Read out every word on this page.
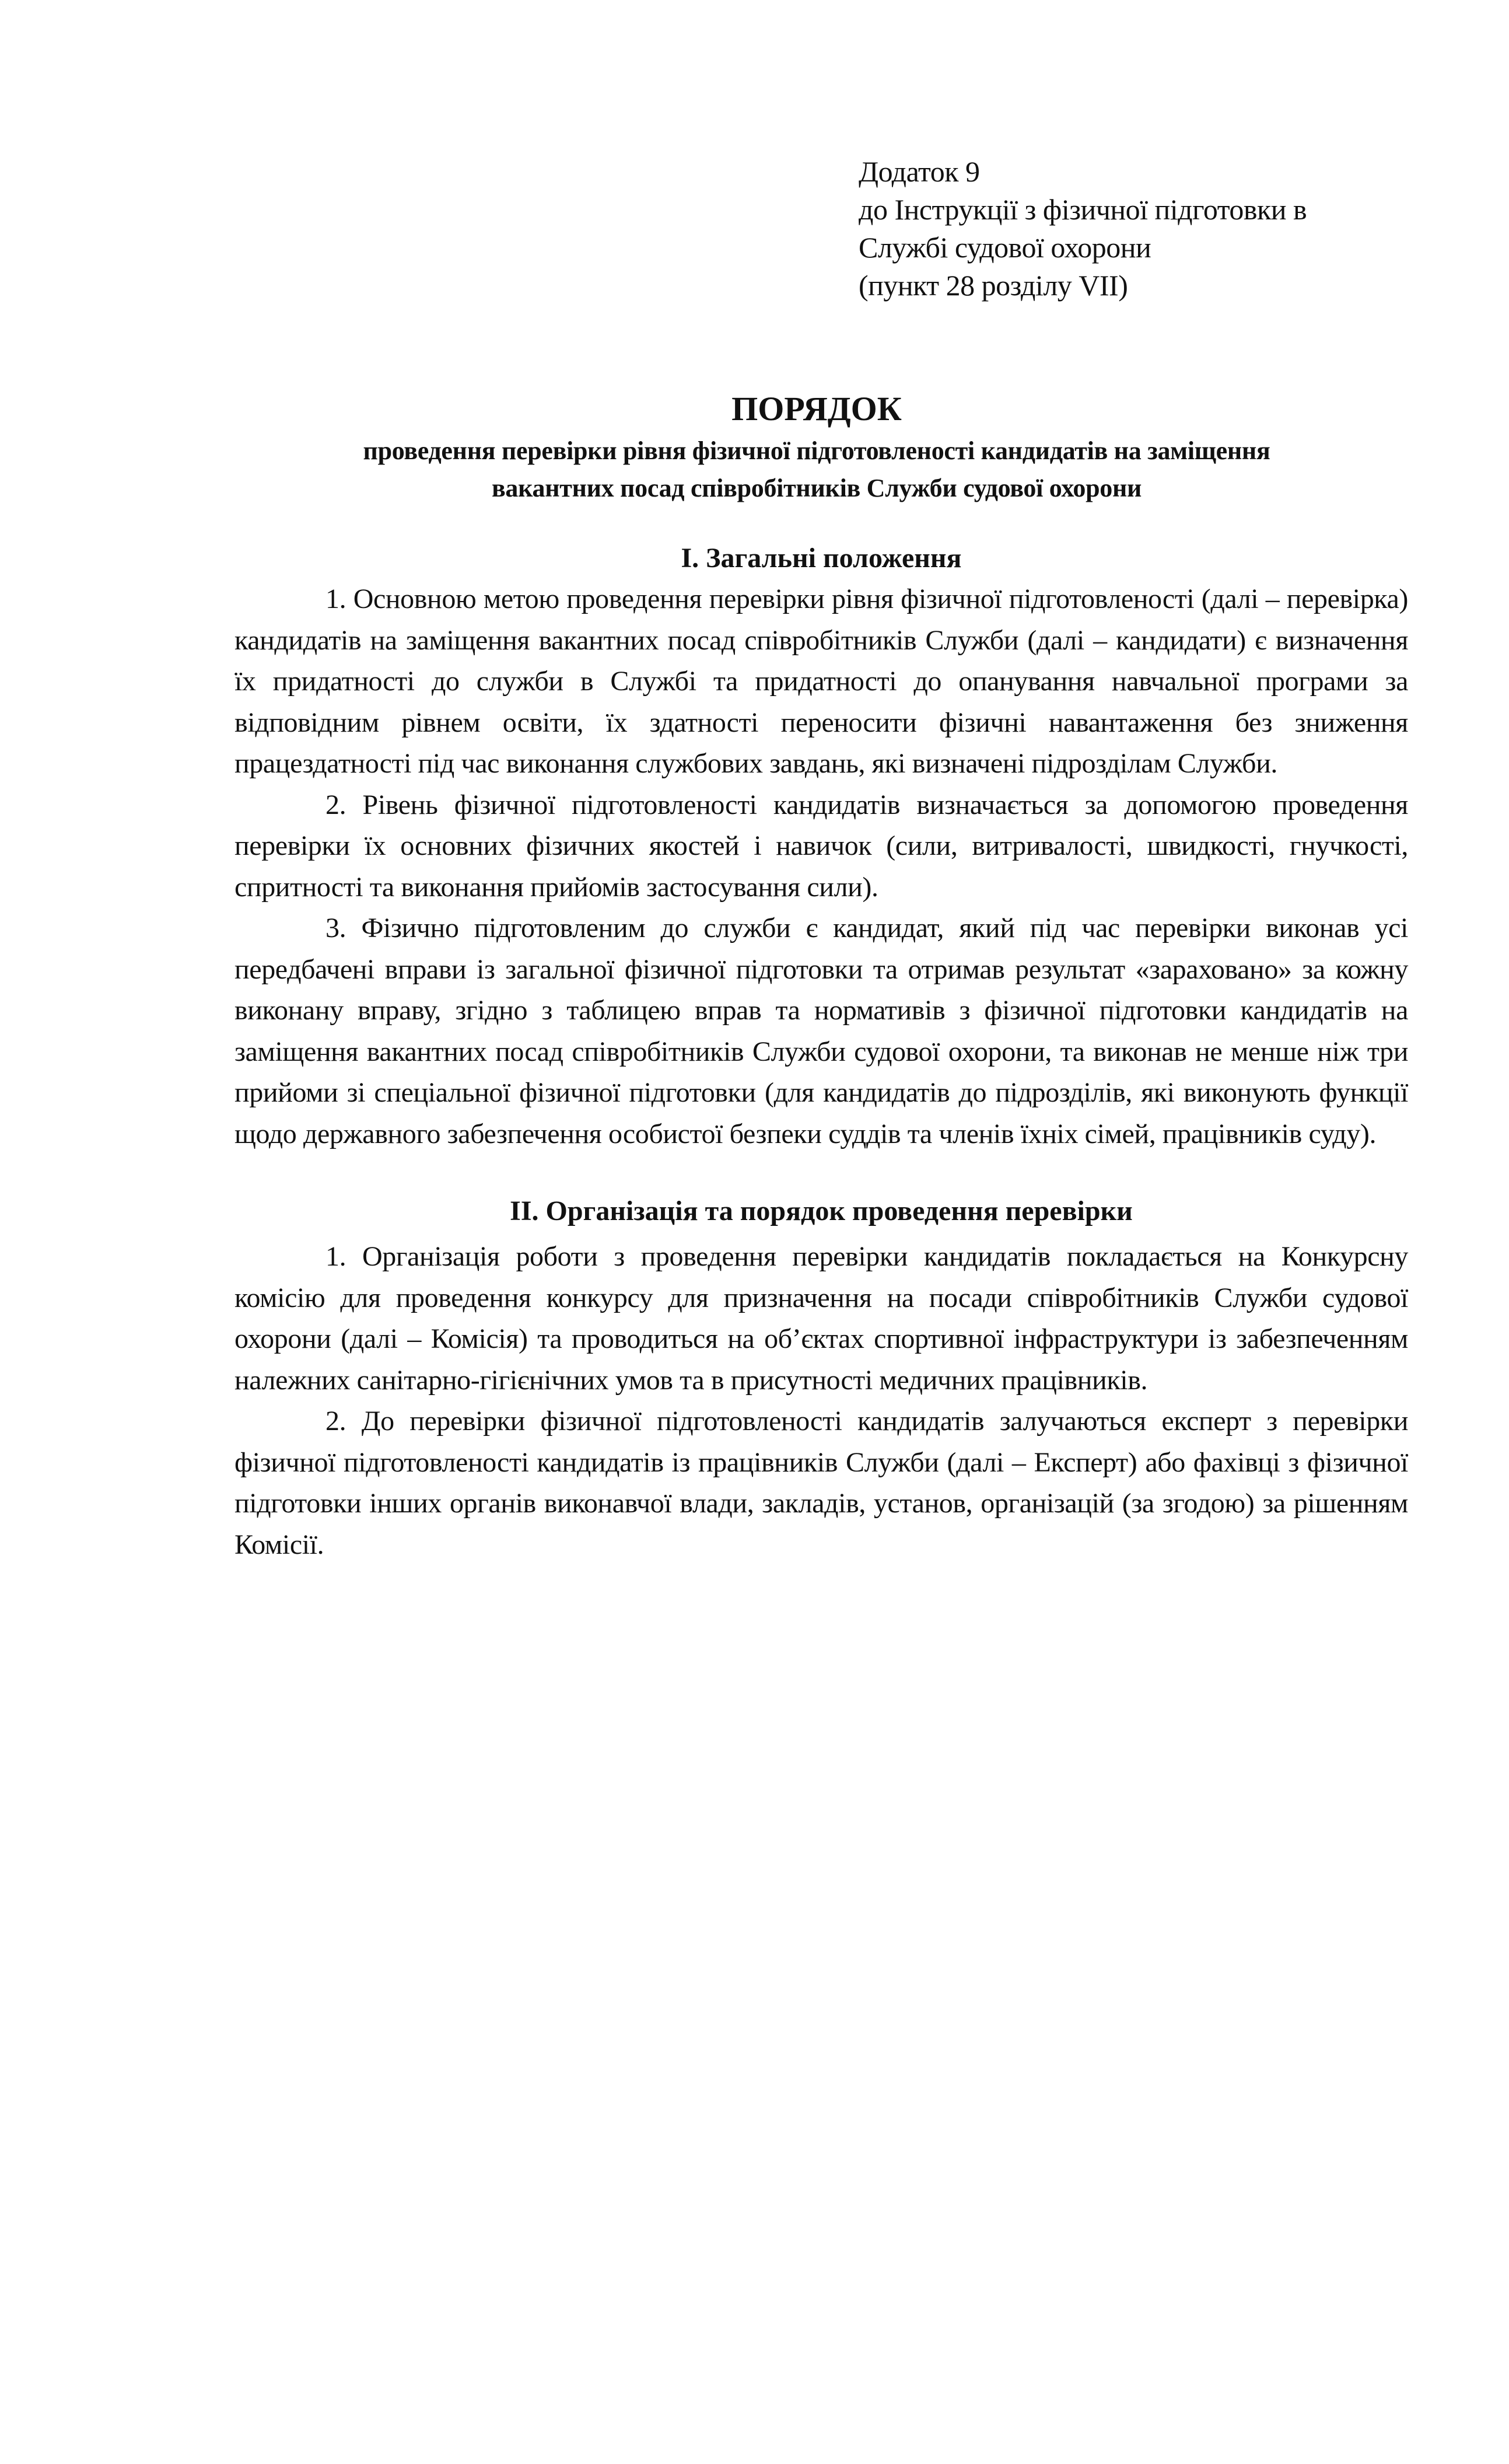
Додаток 9
до Інструкції з фізичної підготовки в
Службі судової охорони
(пункт 28 розділу VII)
ПОРЯДОК
проведення перевірки рівня фізичної підготовленості кандидатів на заміщення
вакантних посад співробітників Служби судової охорони
I. Загальні положення

1. Основною метою проведення перевірки рівня фізичної підготовленості (далі – перевірка) кандидатів на заміщення вакантних посад співробітників Служби (далі – кандидати) є визначення їх придатності до служби в Службі та придатності до опанування навчальної програми за відповідним рівнем освіти, їх здатності переносити фізичні навантаження без зниження працездатності під час виконання службових завдань, які визначені підрозділам Служби.

2. Рівень фізичної підготовленості кандидатів визначається за допомогою проведення перевірки їх основних фізичних якостей і навичок (сили, витривалості, швидкості, гнучкості, спритності та виконання прийомів застосування сили).

3. Фізично підготовленим до служби є кандидат, який під час перевірки виконав усі передбачені вправи із загальної фізичної підготовки та отримав результат «зараховано» за кожну виконану вправу, згідно з таблицею вправ та нормативів з фізичної підготовки кандидатів на заміщення вакантних посад співробітників Служби судової охорони, та виконав не менше ніж три прийоми зі спеціальної фізичної підготовки (для кандидатів до підрозділів, які виконують функції щодо державного забезпечення особистої безпеки суддів та членів їхніх сімей, працівників суду).

II. Організація та порядок проведення перевірки

1. Організація роботи з проведення перевірки кандидатів покладається на Конкурсну комісію для проведення конкурсу для призначення на посади співробітників Служби судової охорони (далі – Комісія) та проводиться на об’єктах спортивної інфраструктури із забезпеченням належних санітарно-гігієнічних умов та в присутності медичних працівників.

2. До перевірки фізичної підготовленості кандидатів залучаються експерт з перевірки фізичної підготовленості кандидатів із працівників Служби (далі – Експерт) або фахівці з фізичної підготовки інших органів виконавчої влади, закладів, установ, організацій (за згодою) за рішенням Комісії.
